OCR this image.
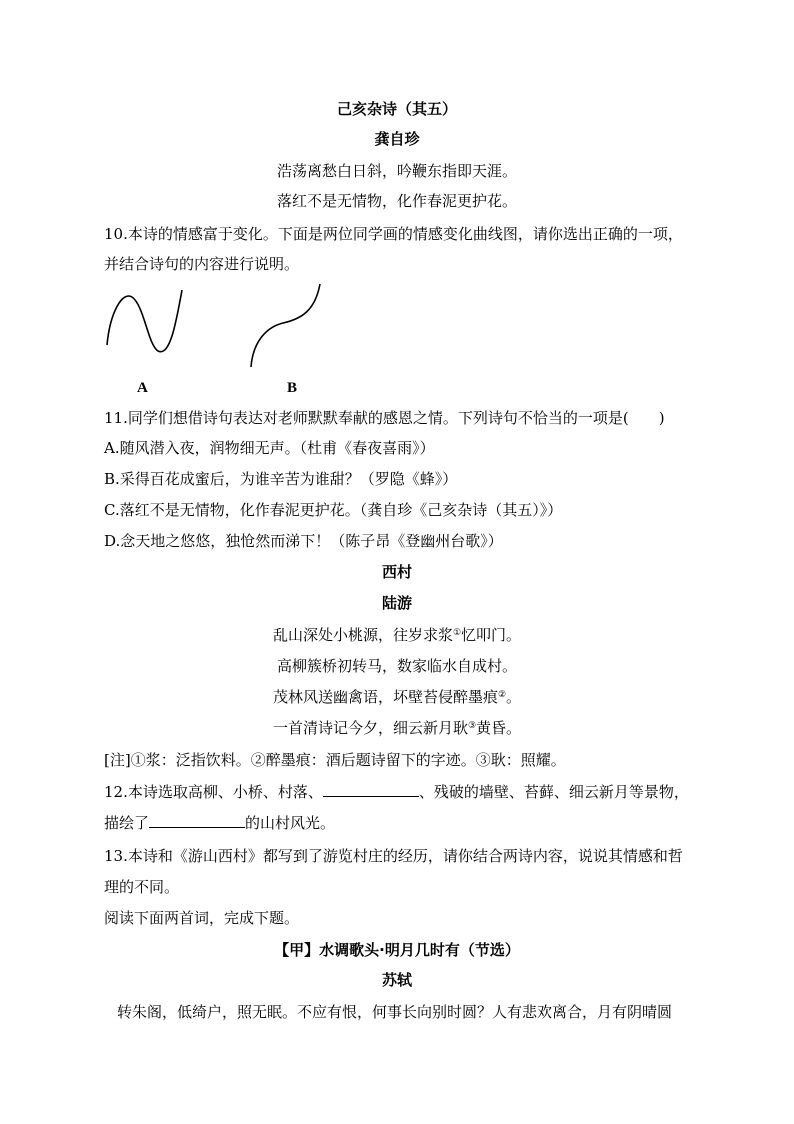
己亥杂诗（其五）
龚自珍
浩荡离愁白日斜，吟鞭东指即天涯。
落红不是无情物，化作春泥更护花。
10.本诗的情感富于变化。下面是两位同学画的情感变化曲线图，请你选出正确的一项，
并结合诗句的内容进行说明。
A	B
11.同学们想借诗句表达对老师默默奉献的感恩之情。下列诗句不恰当的一项是(　　)
A.随风潜入夜，润物细无声。（杜甫《春夜喜雨》）
B.采得百花成蜜后，为谁辛苦为谁甜？（罗隐《蜂》）
C.落红不是无情物，化作春泥更护花。（龚自珍《己亥杂诗（其五）》）
D.念天地之悠悠，独怆然而涕下！（陈子昂《登幽州台歌》）
西村
陆游
乱山深处小桃源，往岁求浆①忆叩门。
高柳簇桥初转马，数家临水自成村。
茂林风送幽禽语，坏壁苔侵醉墨痕②。
一首清诗记今夕，细云新月耿③黄昏。
[注]①浆：泛指饮料。②醉墨痕：酒后题诗留下的字迹。③耿：照耀。
12.本诗选取高柳、小桥、村落、	、残破的墙壁、苔藓、细云新月等景物，
描绘了	的山村风光。
13.本诗和《游山西村》都写到了游览村庄的经历，请你结合两诗内容，说说其情感和哲
理的不同。
阅读下面两首词，完成下题。
【甲】水调歌头·明月几时有（节选）
苏轼
转朱阁，低绮户，照无眠。不应有恨，何事长向别时圆？人有悲欢离合，月有阴晴圆
